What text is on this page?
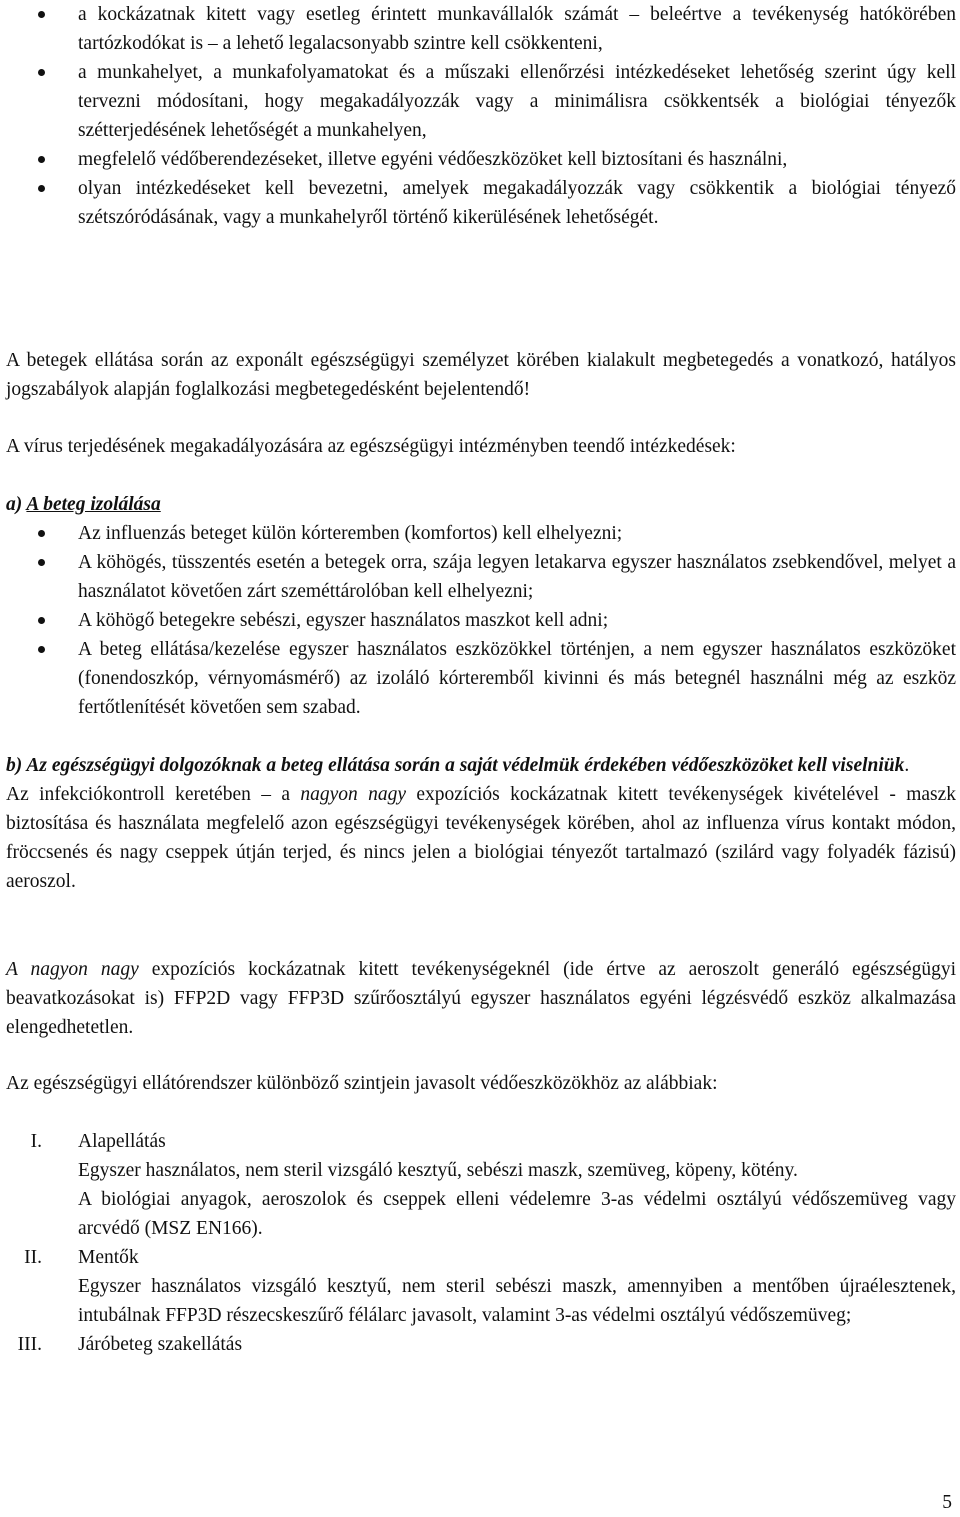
a kockázatnak kitett vagy esetleg érintett munkavállalók számát – beleértve a tevékenység hatókörében tartózkodókat is – a lehető legalacsonyabb szintre kell csökkenteni,
a munkahelyet, a munkafolyamatokat és a műszaki ellenőrzési intézkedéseket lehetőség szerint úgy kell tervezni módosítani, hogy megakadályozzák vagy a minimálisra csökkentsék a biológiai tényezők szétterjedésének lehetőségét a munkahelyen,
megfelelő védőberendezéseket, illetve egyéni védőeszközöket kell biztosítani és használni,
olyan intézkedéseket kell bevezetni, amelyek megakadályozzák vagy csökkentik a biológiai tényező szétszóródásának, vagy a munkahelyről történő kikerülésének lehetőségét.

A betegek ellátása során az exponált egészségügyi személyzet körében kialakult megbetegedés a vonatkozó, hatályos jogszabályok alapján foglalkozási megbetegedésként bejelentendő!

A vírus terjedésének megakadályozására az egészségügyi intézményben teendő intézkedések:

a) A beteg izolálása
Az influenzás beteget külön kórteremben (komfortos) kell elhelyezni;
A köhögés, tüsszentés esetén a betegek orra, szája legyen letakarva egyszer használatos zsebkendővel, melyet a használatot követően zárt szeméttárolóban kell elhelyezni;
A köhögő betegekre sebészi, egyszer használatos maszkot kell adni;
A beteg ellátása/kezelése egyszer használatos eszközökkel történjen, a nem egyszer használatos eszközöket (fonendoszkóp, vérnyomásmérő) az izoláló kórteremből kivinni és más betegnél használni még az eszköz fertőtlenítését követően sem szabad.
b) Az egészségügyi dolgozóknak a beteg ellátása során a saját védelmük érdekében védőeszközöket kell viselniük.
Az infekciókontroll keretében – a nagyon nagy expozíciós kockázatnak kitett tevékenységek kivételével - maszk biztosítása és használata megfelelő azon egészségügyi tevékenységek körében, ahol az influenza vírus kontakt módon, fröccsenés és nagy cseppek útján terjed, és nincs jelen a biológiai tényezőt tartalmazó (szilárd vagy folyadék fázisú) aeroszol.

A nagyon nagy expozíciós kockázatnak kitett tevékenységeknél (ide értve az aeroszolt generáló egészségügyi beavatkozásokat is) FFP2D vagy FFP3D szűrőosztályú egyszer használatos egyéni légzésvédő eszköz alkalmazása elengedhetetlen.

Az egészségügyi ellátórendszer különböző szintjein javasolt védőeszközökhöz az alábbiak:

I.	Alapellátás
Egyszer használatos, nem steril vizsgáló kesztyű, sebészi maszk, szemüveg, köpeny, kötény.
A biológiai anyagok, aeroszolok és cseppek elleni védelemre 3-as védelmi osztályú védőszemüveg vagy arcvédő (MSZ EN166).
II.	Mentők
Egyszer használatos vizsgáló kesztyű, nem steril sebészi maszk, amennyiben a mentőben újraélesztenek, intubálnak FFP3D részecskeszűrő félálarc javasolt, valamint 3-as védelmi osztályú védőszemüveg;
III.	Járóbeteg szakellátás
5
